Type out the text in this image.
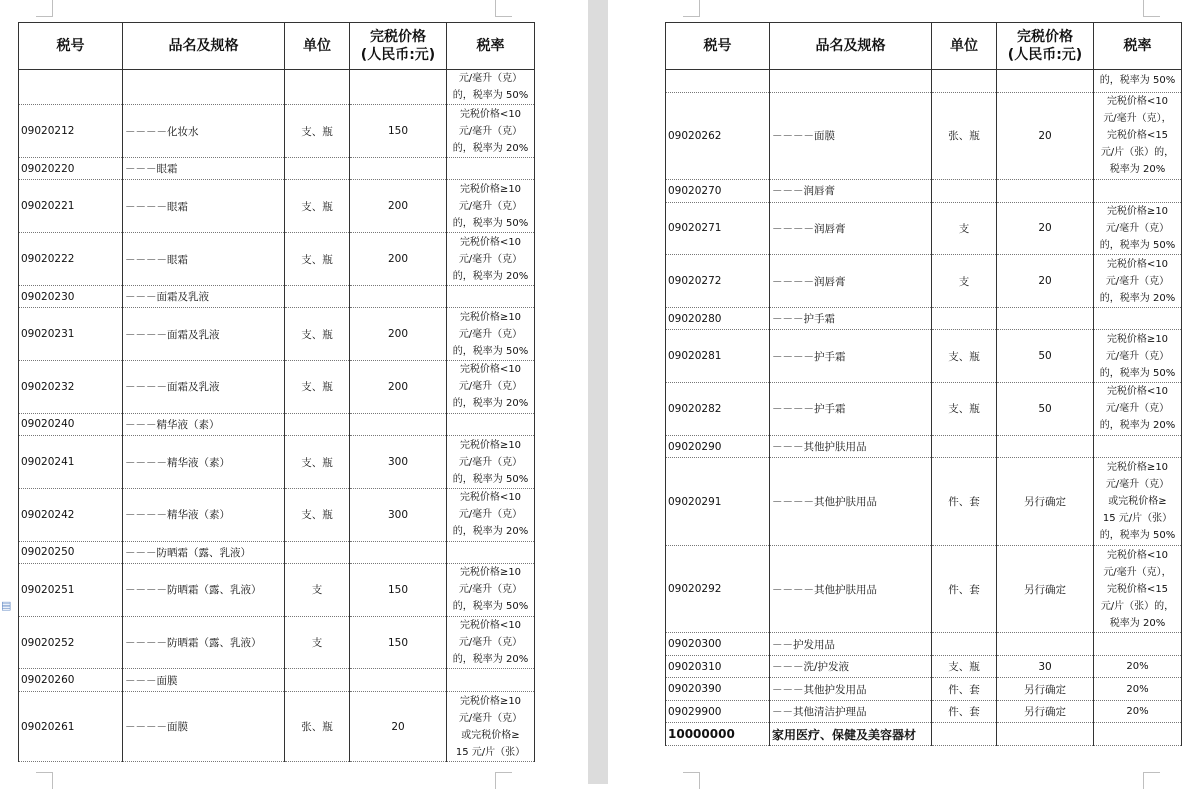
▤
税号	品名及规格	单位	完税价格
(人民币:元)	税率
				元/毫升（克）
的，税率为 50%
09020212	－－－－化妆水	支、瓶	150	完税价格<10
元/毫升（克）
的，税率为 20%
09020220	－－－眼霜			
09020221	－－－－眼霜	支、瓶	200	完税价格≥10
元/毫升（克）
的，税率为 50%
09020222	－－－－眼霜	支、瓶	200	完税价格<10
元/毫升（克）
的，税率为 20%
09020230	－－－面霜及乳液			
09020231	－－－－面霜及乳液	支、瓶	200	完税价格≥10
元/毫升（克）
的，税率为 50%
09020232	－－－－面霜及乳液	支、瓶	200	完税价格<10
元/毫升（克）
的，税率为 20%
09020240	－－－精华液（素）			
09020241	－－－－精华液（素）	支、瓶	300	完税价格≥10
元/毫升（克）
的，税率为 50%
09020242	－－－－精华液（素）	支、瓶	300	完税价格<10
元/毫升（克）
的，税率为 20%
09020250	－－－防晒霜（露、乳液）			
09020251	－－－－防晒霜（露、乳液）	支	150	完税价格≥10
元/毫升（克）
的，税率为 50%
09020252	－－－－防晒霜（露、乳液）	支	150	完税价格<10
元/毫升（克）
的，税率为 20%
09020260	－－－面膜			
09020261	－－－－面膜	张、瓶	20	完税价格≥10
元/毫升（克）
或完税价格≥
15 元/片（张）
税号	品名及规格	单位	完税价格
(人民币:元)	税率
				的，税率为 50%
09020262	－－－－面膜	张、瓶	20	完税价格<10
元/毫升（克），
完税价格<15
元/片（张）的，
税率为 20%
09020270	－－－润唇膏			
09020271	－－－－润唇膏	支	20	完税价格≥10
元/毫升（克）
的，税率为 50%
09020272	－－－－润唇膏	支	20	完税价格<10
元/毫升（克）
的，税率为 20%
09020280	－－－护手霜			
09020281	－－－－护手霜	支、瓶	50	完税价格≥10
元/毫升（克）
的，税率为 50%
09020282	－－－－护手霜	支、瓶	50	完税价格<10
元/毫升（克）
的，税率为 20%
09020290	－－－其他护肤用品			
09020291	－－－－其他护肤用品	件、套	另行确定	完税价格≥10
元/毫升（克）
或完税价格≥
15 元/片（张）
的，税率为 50%
09020292	－－－－其他护肤用品	件、套	另行确定	完税价格<10
元/毫升（克），
完税价格<15
元/片（张）的，
税率为 20%
09020300	－－护发用品			
09020310	－－－洗/护发液	支、瓶	30	20%
09020390	－－－其他护发用品	件、套	另行确定	20%
09029900	－－其他清洁护理品	件、套	另行确定	20%
10000000	家用医疗、保健及美容器材			
